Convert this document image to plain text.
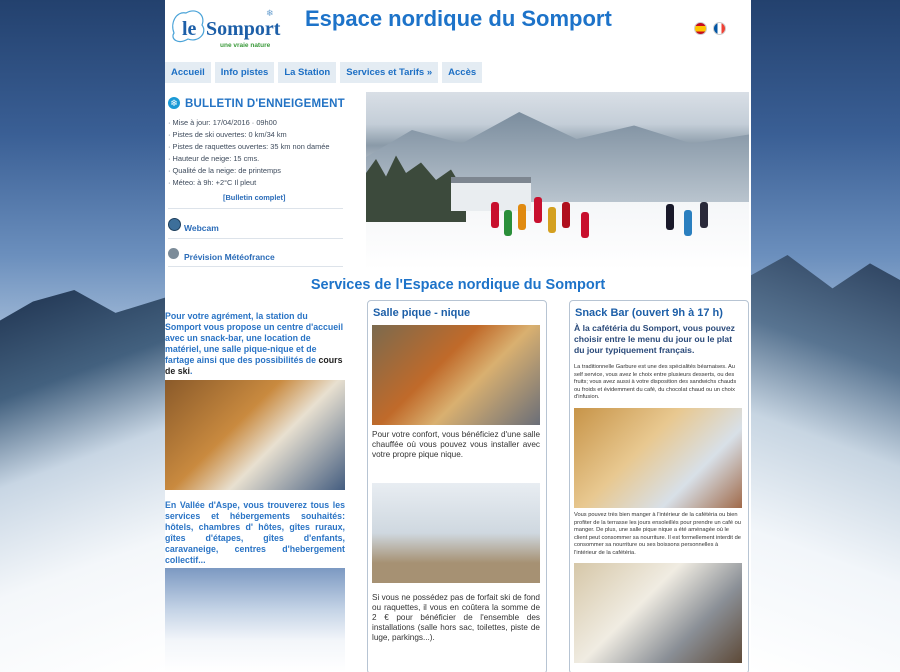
le Somport
une vraie nature
❄ Espace nordique du Somport
Accueil	Info pistes	La Station	Services et Tarifs »	Accès
❄ BULLETIN D'ENNEIGEMENT
· Mise à jour: 17/04/2016 · 09h00
· Pistes de ski ouvertes: 0 km/34 km
· Pistes de raquettes ouvertes: 35 km non damée
· Hauteur de neige: 15 cms.
· Qualité de la neige: de printemps
· Méteo: à 9h: +2°C Il pleut
[Bulletin complet]
Webcam
Prévision Météofrance
Services de l'Espace nordique du Somport
Pour votre agrément, la station du Somport vous propose un centre d'accueil avec un snack-bar, une location de matériel, une salle pique-nique et de fartage ainsi que des possibilités de cours de ski.
En Vallée d'Aspe, vous trouverez tous les services et hébergements souhaités: hôtels, chambres d' hôtes, gîtes ruraux, gîtes d'étapes, gîtes d'enfants, caravaneige, centres d'hebergement collectif...
Salle pique - nique
Pour votre confort, vous bénéficiez d'une salle chauffée où vous pouvez vous installer avec votre propre pique nique.
Si vous ne possédez pas de forfait ski de fond ou raquettes, il vous en coûtera la somme de 2 € pour bénéficier de l'ensemble des installations (salle hors sac, toilettes, piste de luge, parkings...).
Snack Bar (ouvert 9h à 17 h)
À la cafétéria du Somport, vous pouvez choisir entre le menu du jour ou le plat du jour typiquement français.
La traditionnelle Garbure est une des spécialités béarnaises. Au self service, vous avez le choix entre plusieurs desserts, ou des fruits; vous avez aussi à votre disposition des sandwichs chauds ou froids et évidemment du café, du chocolat chaud ou un choix d'infusion.
Vous pouvez très bien manger à l'intérieur de la cafétéria ou bien profiter de la terrasse les jours ensoleillés pour prendre un café ou manger. De plus, une salle pique nique a été aménagée où le client peut consommer sa nourriture. Il est formellement interdit de consommer sa nourriture ou ses boissons personnelles à l'intérieur de la cafétéria.
